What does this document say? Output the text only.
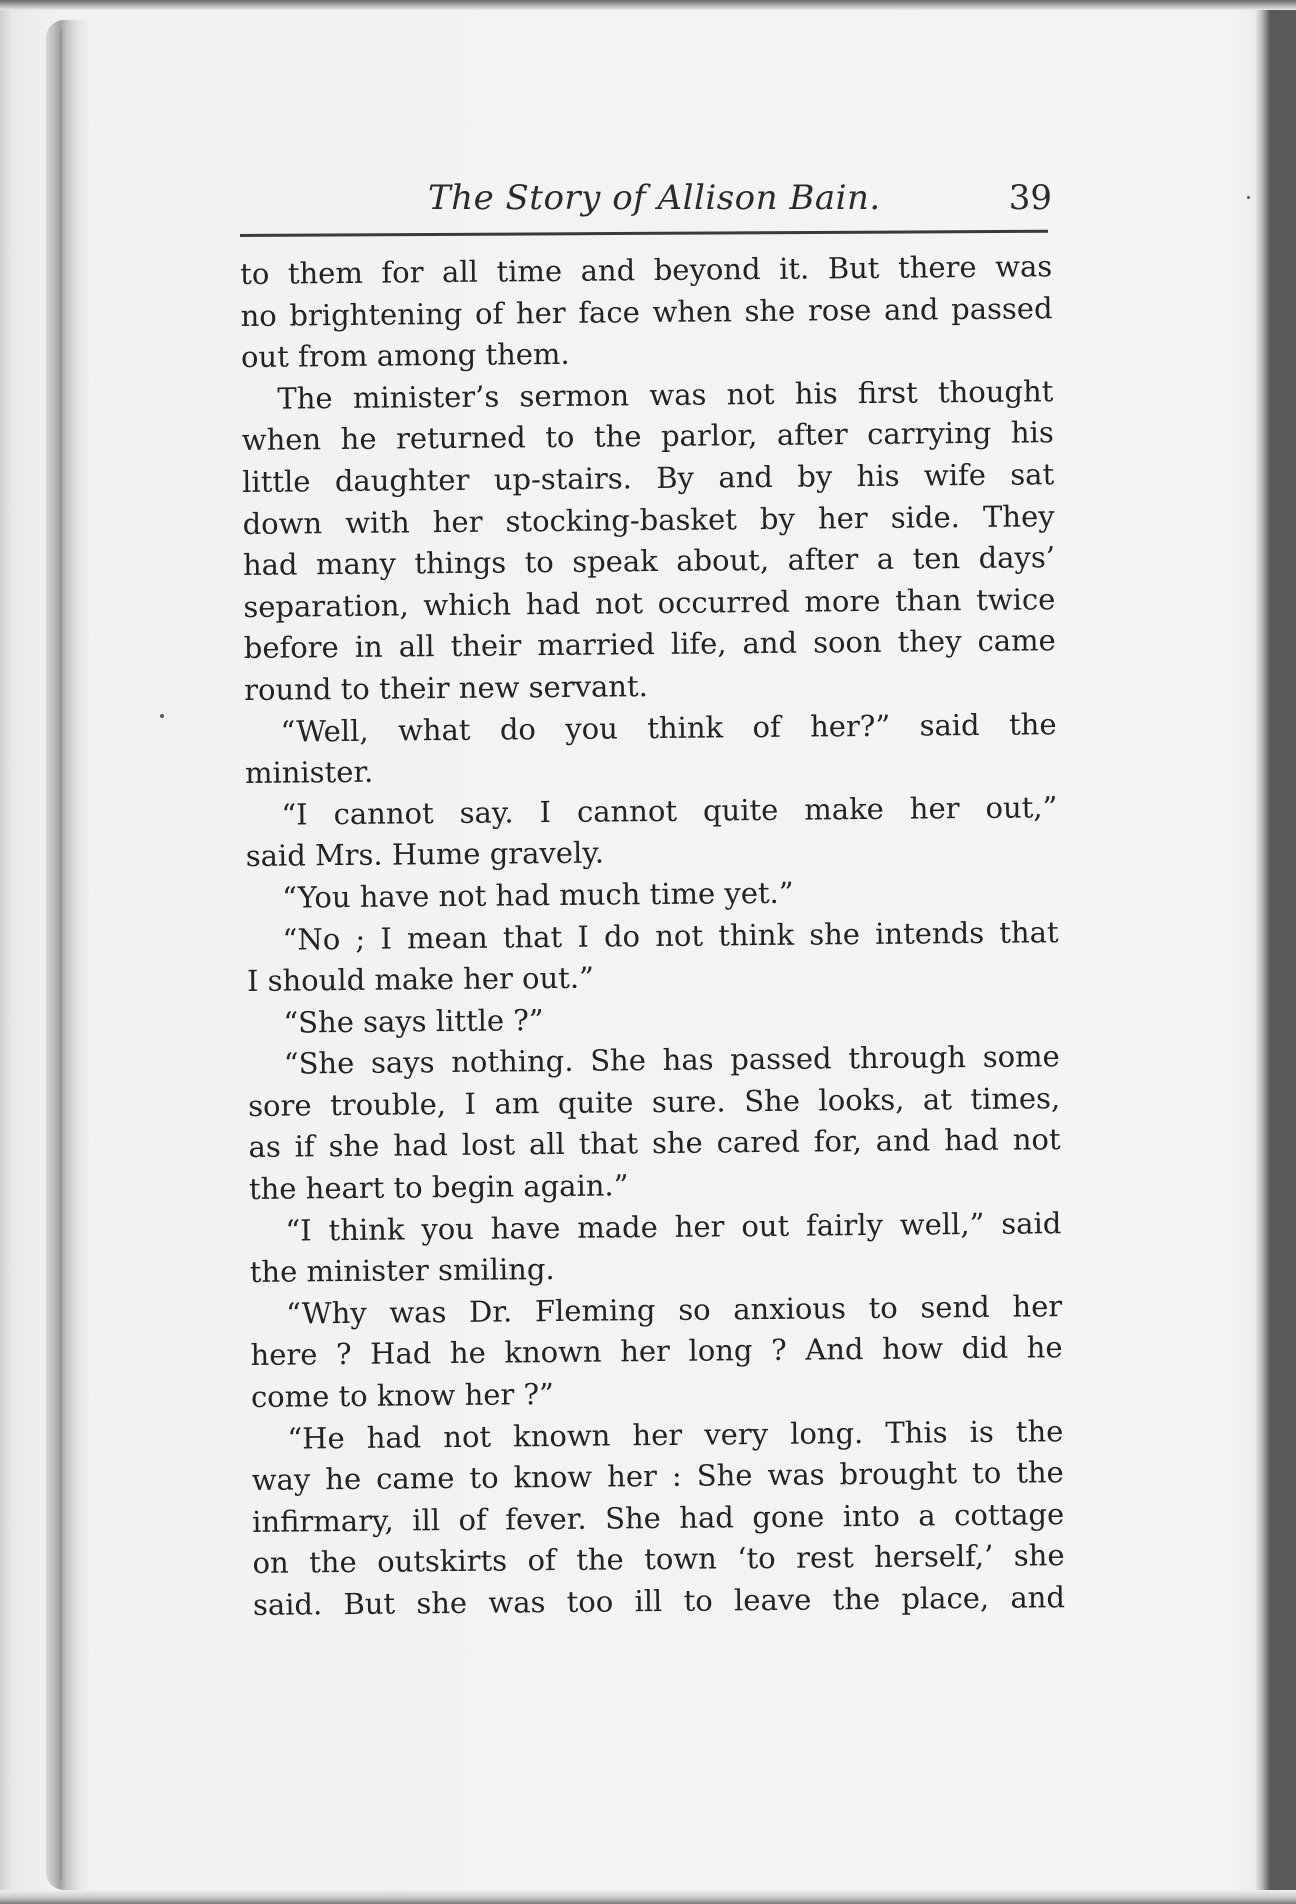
The Story of Allison Bain.	39
to them for all time and beyond it. But there was
no brightening of her face when she rose and passed
out from among them.
The minister’s sermon was not his first thought
when he returned to the parlor, after carrying his
little daughter up-stairs. By and by his wife sat
down with her stocking-basket by her side. They
had many things to speak about, after a ten days’
separation, which had not occurred more than twice
before in all their married life, and soon they came
round to their new servant.
“Well, what do you think of her?” said the
minister.
“I cannot say. I cannot quite make her out,”
said Mrs. Hume gravely.
“You have not had much time yet.”
“No ; I mean that I do not think she intends that
I should make her out.”
“She says little ?”
“She says nothing. She has passed through some
sore trouble, I am quite sure. She looks, at times,
as if she had lost all that she cared for, and had not
the heart to begin again.”
“I think you have made her out fairly well,” said
the minister smiling.
“Why was Dr. Fleming so anxious to send her
here ? Had he known her long ? And how did he
come to know her ?”
“He had not known her very long. This is the
way he came to know her : She was brought to the
infirmary, ill of fever. She had gone into a cottage
on the outskirts of the town ‘to rest herself,’ she
said. But she was too ill to leave the place, and
